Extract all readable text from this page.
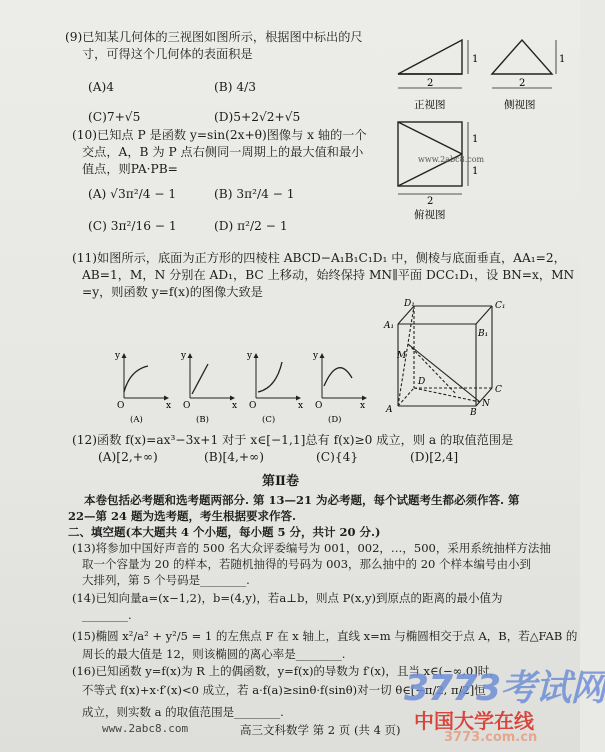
(9)已知某几何体的三视图如图所示，根据图中标出的尺
寸，可得这个几何体的表面积是
(A)4	(B) 4/3
(C)7+√5	(D)5+2√2+√5
1
2
正视图
1
2
侧视图
1
1
2
俯视图
www.2abc8.com
(10)已知点 P 是函数 y=sin(2x+θ)图像与 x 轴的一个
交点，A，B 为 P 点右侧同一周期上的最大值和最小
值点，则PA·PB=
(A) √3π²/4 − 1	(B) 3π²/4 − 1
(C) 3π²/16 − 1	(D) π²/2 − 1
(11)如图所示，底面为正方形的四棱柱 ABCD−A₁B₁C₁D₁ 中，侧棱与底面垂直，AA₁=2，
AB=1，M，N 分别在 AD₁，BC 上移动，始终保持 MN∥平面 DCC₁D₁，设 BN=x，MN
=y，则函数 y=f(x)的图像大致是
y
x
O
(A)
y
x
O
(B)
y
x
O
(C)
y
x
O
(D)
D₁	C₁
A₁
B₁
M
D
C
A	B
N
(12)函数 f(x)=ax³−3x+1 对于 x∈[−1,1]总有 f(x)≥0 成立，则 a 的取值范围是
(A)[2,+∞)	(B)[4,+∞)	(C){4}	(D)[2,4]
第Ⅱ卷
本卷包括必考题和选考题两部分. 第 13—21 为必考题，每个试题考生都必须作答. 第
22—第 24 题为选考题，考生根据要求作答.
二、填空题(本大题共 4 个小题，每小题 5 分，共计 20 分.)
(13)将参加中国好声音的 500 名大众评委编号为 001，002，…，500，采用系统抽样方法抽
取一个容量为 20 的样本，若随机抽得的号码为 003，那么抽中的 20 个样本编号由小到
大排列，第 5 个号码是________.
(14)已知向量a=(x−1,2)，b=(4,y)，若a⊥b，则点 P(x,y)到原点的距离的最小值为
________.
(15)椭圆 x²/a² + y²/5 = 1 的左焦点 F 在 x 轴上，直线 x=m 与椭圆相交于点 A，B，若△FAB 的
周长的最大值是 12，则该椭圆的离心率是________.
(16)已知函数 y=f(x)为 R 上的偶函数，y=f(x)的导数为 f′(x)，且当 x∈(−∞,0]时，
不等式 f(x)+x·f′(x)<0 成立，若 a·f(a)≥sinθ·f(sinθ)对一切 θ∈[−π/2, π/2]恒
成立，则实数 a 的取值范围是________.
www.2abc8.com	高三文科数学 第 2 页 (共 4 页)
3773考试网
中国大学在线
3773.com.cn
